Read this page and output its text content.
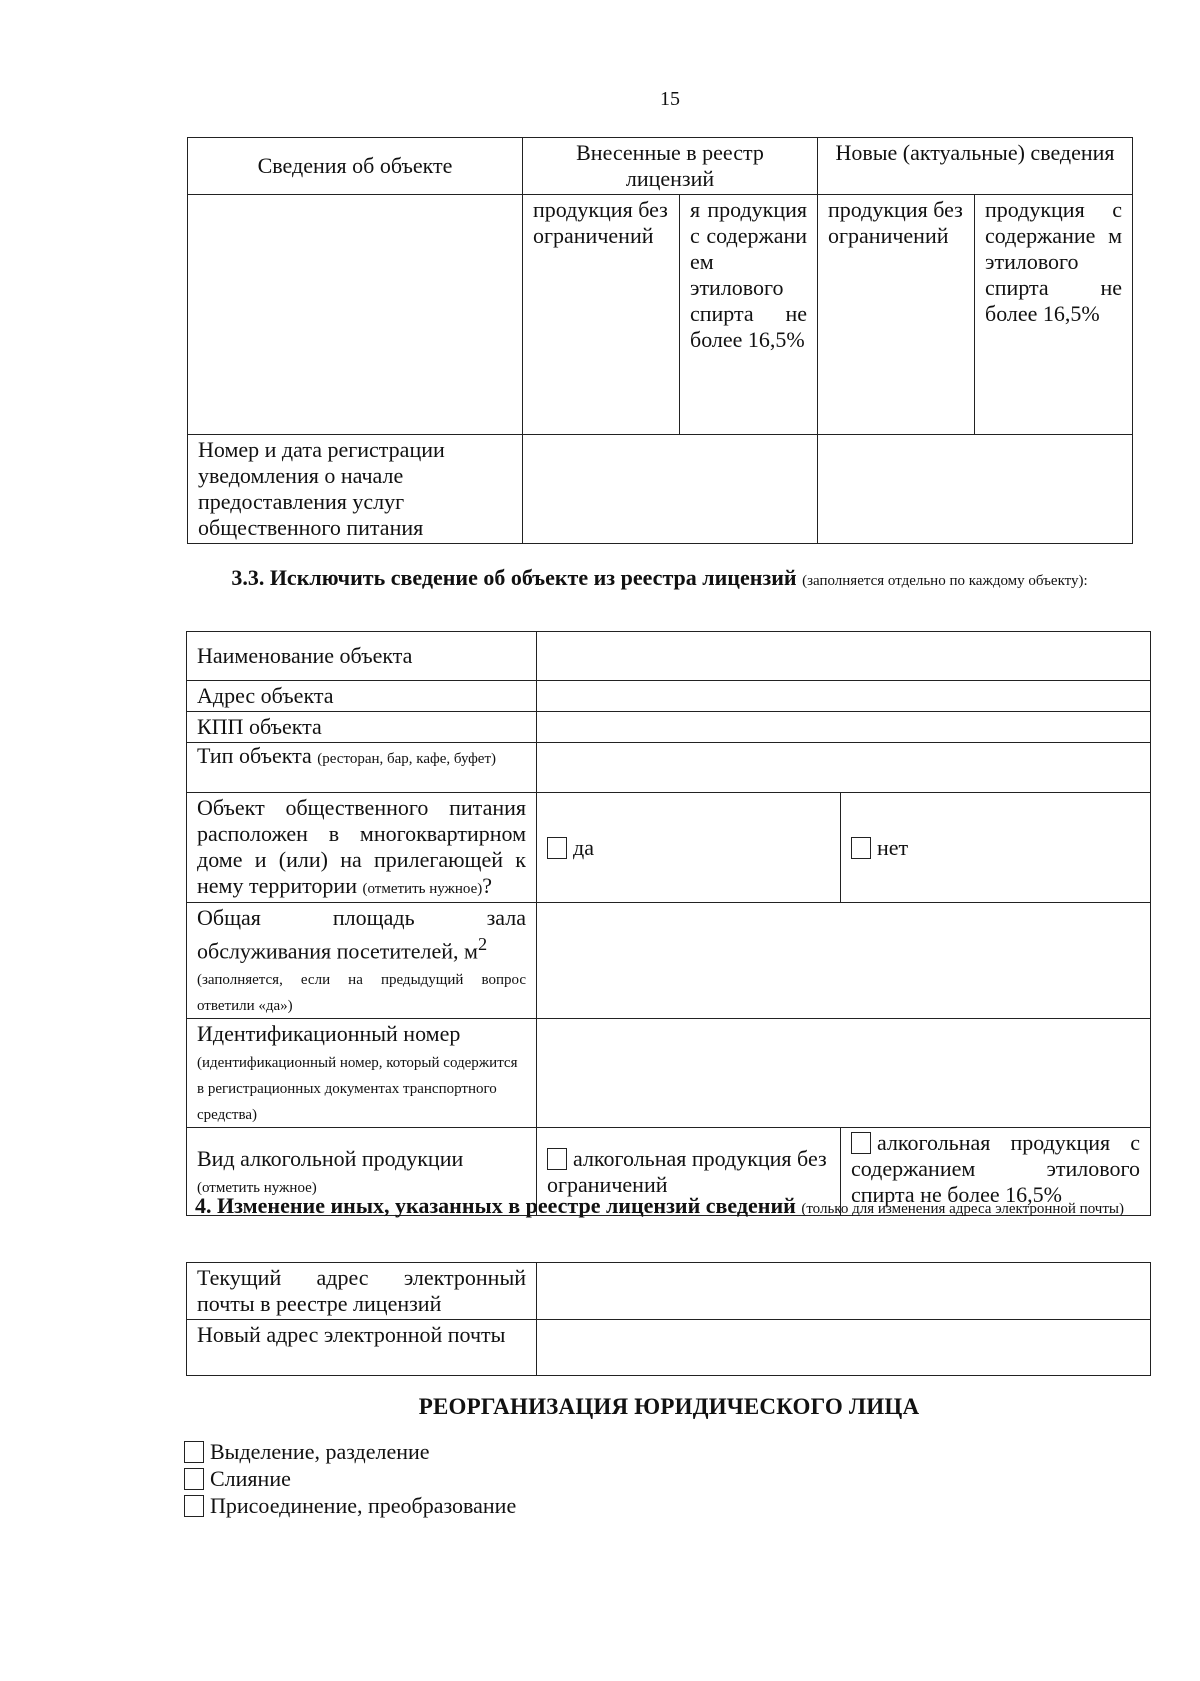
15
Сведения об объекте	Внесенные в реестр лицензий		Новые (актуальные) сведения	
	продукция без ограничений	я продукция с содержани ем этилового спирта не более 16,5%	продукция без ограничений	продукция с содержание м этилового спирта не более 16,5%
Номер и дата регистрации уведомления о начале предоставления услуг общественного питания				
3.3. Исключить сведение об объекте из реестра лицензий (заполняется отдельно по каждому объекту):
Наименование объекта		
Адрес объекта		
КПП объекта		
Тип объекта (ресторан, бар, кафе, буфет)		
Объект общественного питания расположен в многоквартирном доме и (или) на прилегающей к нему территории (отметить нужное)?	да	нет
Общая площадь зала обслуживания посетителей, $м^2$
(заполняется, если на предыдущий вопрос ответили «да»)		
Идентификационный номер
(идентификационный номер, который содержится в регистрационных документах транспортного средства)		
Вид алкогольной продукции
(отметить нужное)	алкогольная продукция без ограничений	алкогольная продукция с содержанием этилового спирта не более 16,5%
4. Изменение иных, указанных в реестре лицензий сведений (только для изменения адреса электронной почты)
Текущий адрес электронный почты в реестре лицензий	
Новый адрес электронной почты	
РЕОРГАНИЗАЦИЯ ЮРИДИЧЕСКОГО ЛИЦА
Выделение, разделение
Слияние
Присоединение, преобразование
